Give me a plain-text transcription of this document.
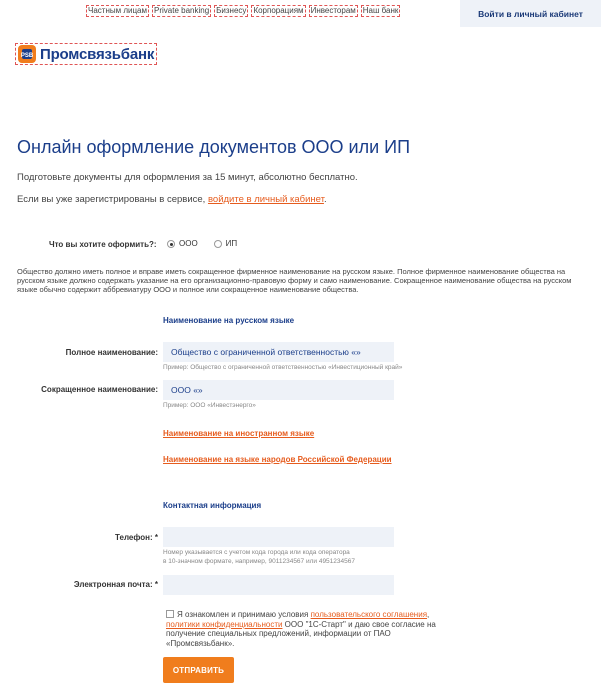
Частным лицам Private banking Бизнесу Корпорациям Инвесторам Наш банк	Войти в личный кабинет
PSB Промсвязьбанк
Онлайн оформление документов ООО или ИП

Подготовьте документы для оформления за 15 минут, абсолютно бесплатно.

Если вы уже зарегистрированы в сервисе, войдите в личный кабинет.

Что вы хотите оформить?:	ООО	ИП

Общество должно иметь полное и вправе иметь сокращенное фирменное наименование на русском языке. Полное фирменное наименование общества на русском языке должно содержать указание на его организационно-правовую форму и само наименование. Сокращенное наименование общества на русском языке обычно содержит аббревиатуру ООО и полное или сокращенное наименование общества.

Наименование на русском языке
Полное наименование:
Общество с ограниченной ответственностью «»
Пример: Общество с ограниченной ответственностью «Инвестиционный край»
Сокращенное наименование:
ООО «»
Пример: ООО «Инвестэнерго»
Наименование на иностранном языке
Наименование на языке народов Российской Федерации
Контактная информация
Телефон: *
Номер указывается с учетом кода города или кода оператора
в 10-значном формате, например, 9011234567 или 4951234567
Электронная почта: *
Я ознакомлен и принимаю условия пользовательского соглашения, политики конфиденциальности ООО "1С-Старт" и даю свое согласие на получение специальных предложений, информации от ПАО «Промсвязьбанк».
ОТПРАВИТЬ
